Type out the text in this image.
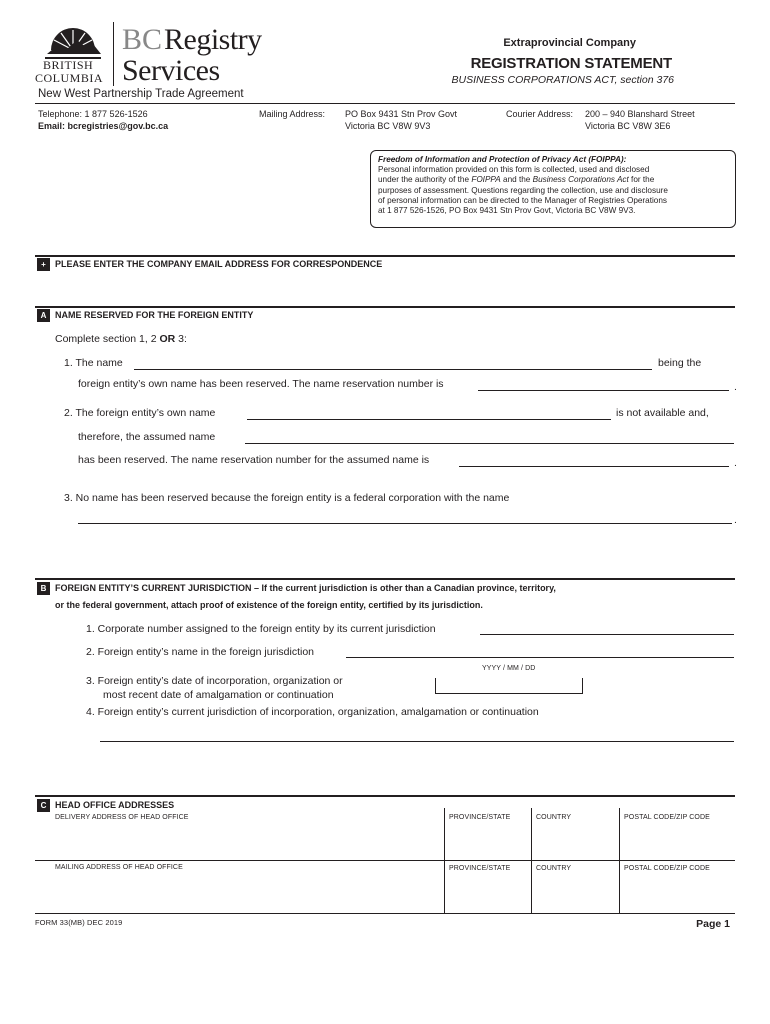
BRITISH
COLUMBIA
BC Registry
Services
Extraprovincial Company
REGISTRATION STATEMENT
BUSINESS CORPORATIONS ACT, section 376
New West Partnership Trade Agreement
Telephone: 1 877 526-1526
Email: bcregistries@gov.bc.ca
Mailing Address: PO Box 9431 Stn Prov Govt
Victoria BC V8W 9V3
Courier Address: 200 – 940 Blanshard Street
Victoria BC V8W 3E6

Freedom of Information and Protection of Privacy Act (FOIPPA):

Personal information provided on this form is collected, used and disclosed

under the authority of the FOIPPA and the Business Corporations Act for the

purposes of assessment. Questions regarding the collection, use and disclosure

of personal information can be directed to the Manager of Registries Operations

at 1 877 526-1526, PO Box 9431 Stn Prov Govt, Victoria BC V8W 9V3.

+	PLEASE ENTER THE COMPANY EMAIL ADDRESS FOR CORRESPONDENCE
A NAME RESERVED FOR THE FOREIGN ENTITY
Complete section 1, 2 OR 3:
1. The name	being the
foreign entity’s own name has been reserved. The name reservation number is	.
2. The foreign entity’s own name	is not available and,
therefore, the assumed name
has been reserved. The name reservation number for the assumed name is	.
3. No name has been reserved because the foreign entity is a federal corporation with the name
.
B FOREIGN ENTITY’S CURRENT JURISDICTION – If the current jurisdiction is other than a Canadian province, territory,
or the federal government, attach proof of existence of the foreign entity, certified by its jurisdiction.
1. Corporate number assigned to the foreign entity by its current jurisdiction
2. Foreign entity’s name in the foreign jurisdiction
YYYY / MM / DD
3. Foreign entity’s date of incorporation, organization or
most recent date of amalgamation or continuation
4. Foreign entity’s current jurisdiction of incorporation, organization, amalgamation or continuation
C HEAD OFFICE ADDRESSES
DELIVERY ADDRESS OF HEAD OFFICE	PROVINCE/STATE	COUNTRY	POSTAL CODE/ZIP CODE
MAILING ADDRESS OF HEAD OFFICE	PROVINCE/STATE	COUNTRY	POSTAL CODE/ZIP CODE
FORM 33(MB) DEC 2019	Page 1
